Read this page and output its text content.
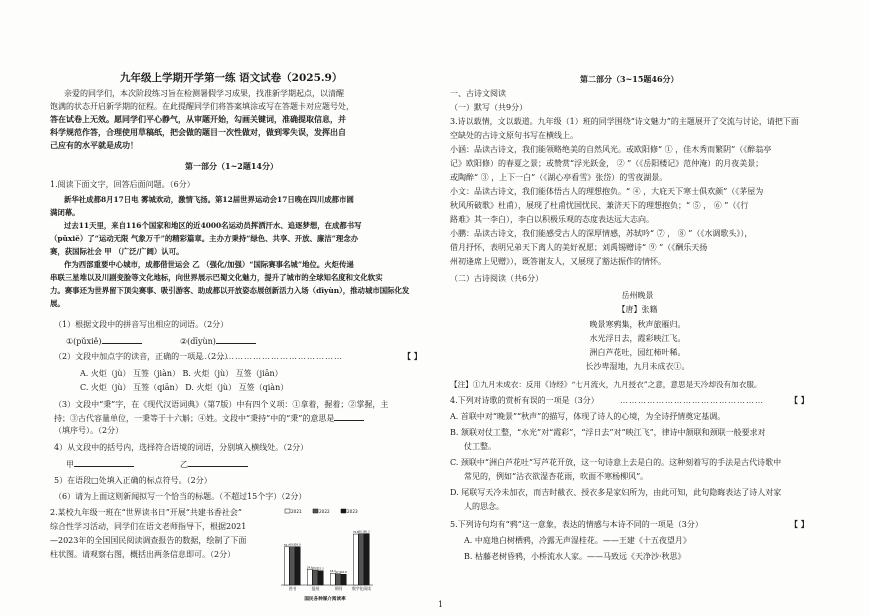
九年级上学期开学第一练 语文试卷（2025.9）
亲爱的同学们，本次阶段练习旨在检测暑假学习成果，找准新学期起点，以清醒
饱满的状态开启新学期的征程。在此提醒同学们将答案填涂或写在答题卡对应题号处，
答在试卷上无效。愿同学们平心静气，从审题开始，勾画关键词，准确提取信息，并
科学规范作答，合理使用草稿纸，把会做的题目一次性做对，做到零失误，发挥出自
己应有的水平就是成功！
第一部分（1~2题14分）
1.阅读下面文字，回答后面问题。（6分）
新华社成都8月17日电 雾城欢动，激情飞扬。第12届世界运动会17日晚在四川成都市圆
满闭幕。
过去11天里，来自116个国家和地区的近4000名运动员挥洒汗水、追逐梦想，在成都书写
（pǔxiě）了“运动无限 气象万千”的精彩篇章。主办方秉持“绿色、共享、开放、廉洁”理念办
赛，获国际社会 甲 （广泛/广阔）认可。
作为西部重要中心城市，成都借世运会 乙 （强化/加强）“国际赛事名城”地位。火炬传递
串联三星堆以及川剧变脸等文化地标，向世界展示巴蜀文化魅力，提升了城市的全球知名度和文化软实
力。赛事还为世界留下顶尖赛事、吸引游客、助成都以开放姿态展创新活力入场（dīyùn），推动城市国际化发
展。
（1）根据文段中的拼音写出相应的词语。（2分）
①(pǔxiě)	②(dīyùn)
（2）文段中加点字的读音，正确的一项是（2分）
……………………………………………	【 】
A. 火炬（jù） 互签（jiàn） B. 火炬（jù） 互签（jiān）
C. 火炬（jù） 互签（qiān） D. 火炬（jù） 互签（qiàn）
（3）文段中“秉”字，在《现代汉语词典》（第7版）中有四个义项：①拿着，握着；②掌握，主
持；③古代容量单位，一秉等于十六斛；④姓。文段中“秉持”中的“秉”的意思是
（填序号）。（2分）
4）从文段中的括号内，选择符合语境的词语，分别填入横线处。（2分）
甲	乙
5）在语段□处填入正确的标点符号。（2分）
（6）请为上面这则新闻拟写一个恰当的标题。（不超过15个字）（2分）
2.某校九年级一班在“世界读书日”开展“共建书香社会”
综合性学习活动，同学们在语文老师指导下，根据2021
—2023年的全国国民阅读调查报告的数据，绘制了下面
柱状图。请观察右图，概括出两条信息即可。（2分）
2021	2022	2023
59.7 59.8 59.9
图书
24.6 23.5 22.3
报纸
18.4 17.5 16.8
期刊
79.6 80.1 80.3
数字化阅读
国民各种媒介阅读率
第二部分（3~15题46分）
一、古诗文阅读
（一）默写（共9分）
3.诗以载情，文以载道。九年级（1）班的同学围绕“诗文魅力”的主题展开了交流与讨论，请把下面
空缺处的古诗文原句书写在横线上。
小涵：品读古诗文，我们能领略绝美的自然风光。或欧阳修“ ① ，佳木秀而繁阴”（《醉翁亭
记》欧阳修）的春夏之景；或赞赏“浮光跃金， ② ”（《岳阳楼记》范仲淹）的月夜美景；
或陶醉“ ③ ，上下一白”（《湖心亭看雪》张岱）的雪夜湖景。
小文：品读古诗文，我们能体悟古人的理想抱负。“ ④ ，大庇天下寒士俱欢颜”（《茅屋为
秋风所破歌》杜甫），展现了杜甫忧国忧民、兼济天下的理想抱负；“ ⑤ ， ⑥ ”（《行
路难》其一李白），李白以积极乐观的态度表达远大志向。
小鹏：品读古诗文，我们能感受古人的深厚情感，苏轼吟“ ⑦ ， ⑧ ”（《水调歌头》），
借月抒怀，表明兄弟天下离人的美好祝愿；刘禹锡赠诗“ ⑨ ”（《酬乐天扬
州初逢席上见赠》），既答谢友人，又展现了豁达振作的情怀。
（二）古诗阅读（共6分）
岳州晚景
【唐】张籍
晚景寒鸦集，秋声旅雁归。
水光浮日去，霞彩映江飞。
洲白芦花吐，园红柿叶稀。
长沙卑湿地，九月未成衣①。
【注】①九月未成衣：反用《诗经》“七月流火，九月授衣”之意，意思是天冷却没有加衣服。
4.下列对诗歌的赏析有误的一项是（3分）	…………………………………………	【 】
A. 首联中对“晚景”“秋声”的描写，体现了诗人的心境，为全诗抒情奠定基调。
B. 颔联对仗工整，“水光”对“霞彩”，“浮日去”对“映江飞”，律诗中颔联和颈联一般要求对
仗工整。
C. 颈联中“洲白芦花吐”写芦花开放，这一句诗意上去是白的。这种刻着写的手法是古代诗歌中
常见的，例如“沾衣欲湿杏花雨，吹面不寒杨柳风”。
D. 尾联写天冷未加衣，而吉时截衣、授衣多是家妇所为，由此可知，此句隐晦表达了诗人对家
人的思念。
5.下列诗句均有“鸦”这一意象，表达的情感与本诗不同的一项是（3分）	【 】
A. 中庭地白树栖鸦，冷露无声湿桂花。——王建《十五夜望月》
B. 枯藤老树昏鸦，小桥流水人家。——马致远《天净沙·秋思》
1
